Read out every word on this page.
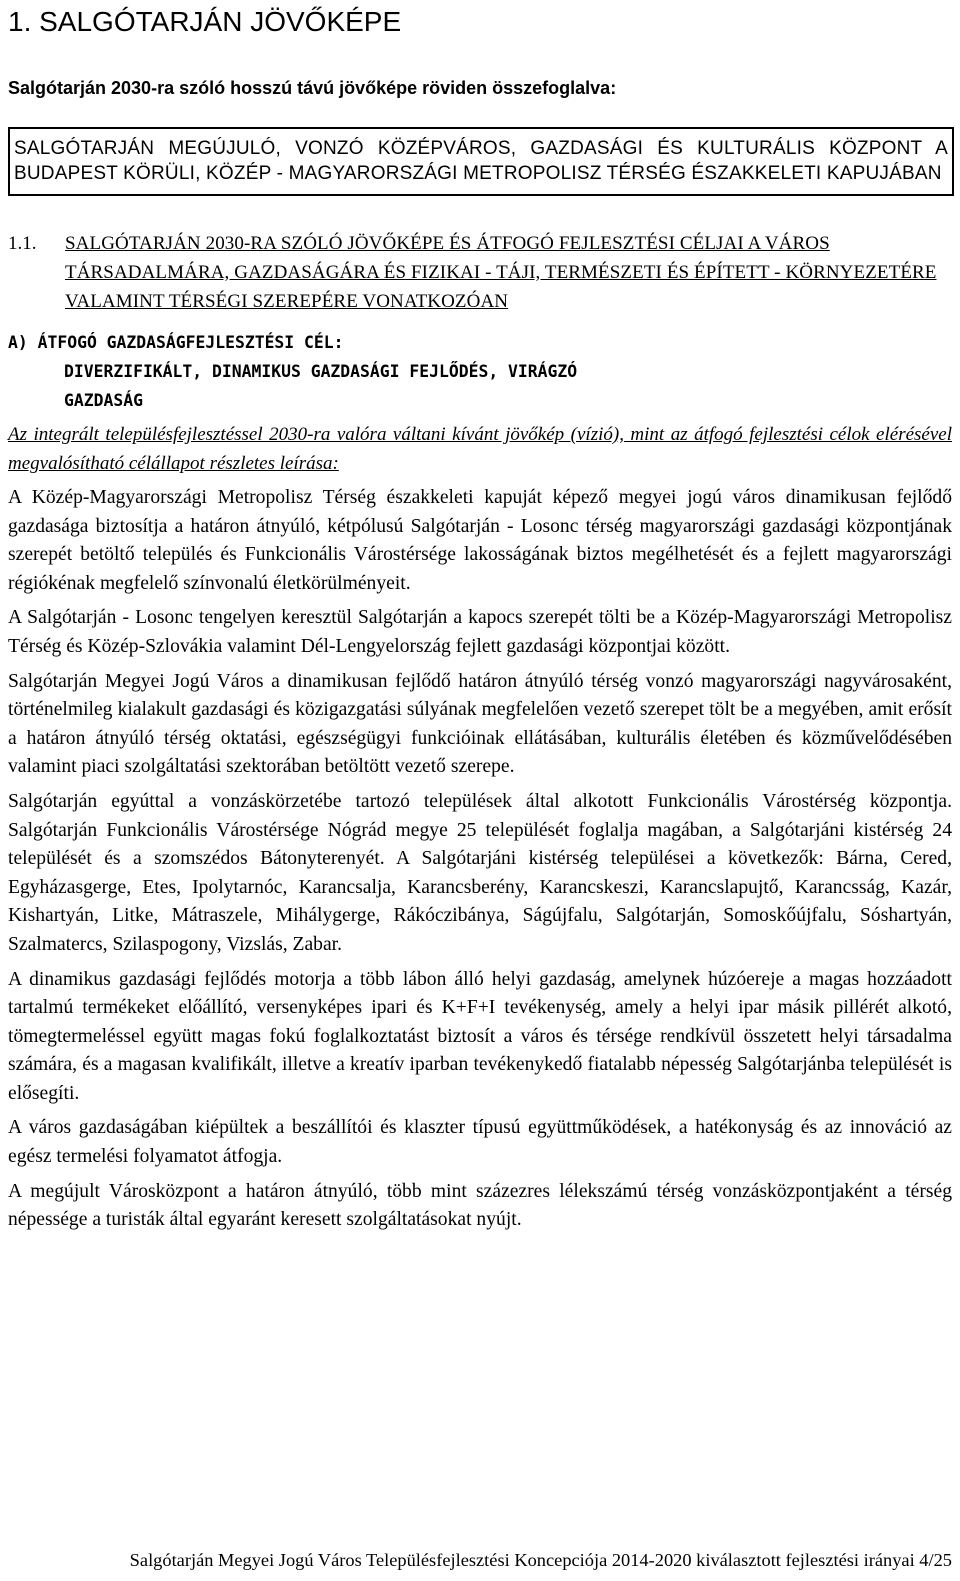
1. SALGÓTARJÁN JÖVŐKÉPE
Salgótarján 2030-ra szóló hosszú távú jövőképe röviden összefoglalva:
SALGÓTARJÁN MEGÚJULÓ, VONZÓ KÖZÉPVÁROS, GAZDASÁGI ÉS KULTURÁLIS KÖZPONT A BUDAPEST KÖRÜLI, KÖZÉP - MAGYARORSZÁGI METROPOLISZ TÉRSÉG ÉSZAKKELETI KAPUJÁBAN
1.1. SALGÓTARJÁN 2030-RA SZÓLÓ JÖVŐKÉPE ÉS ÁTFOGÓ FEJLESZTÉSI CÉLJAI A VÁROS TÁRSADALMÁRA, GAZDASÁGÁRA ÉS FIZIKAI - TÁJI, TERMÉSZETI ÉS ÉPÍTETT - KÖRNYEZETÉRE VALAMINT TÉRSÉGI SZEREPÉRE VONATKOZÓAN
A) ÁTFOGÓ GAZDASÁGFEJLESZTÉSI CÉL:
DIVERZIFIKÁLT, DINAMIKUS GAZDASÁGI FEJLŐDÉS, VIRÁGZÓ
GAZDASÁG
Az integrált településfejlesztéssel 2030-ra valóra váltani kívánt jövőkép (vízió), mint az átfogó fejlesztési célok elérésével megvalósítható célállapot részletes leírása:

A Közép-Magyarországi Metropolisz Térség északkeleti kapuját képező megyei jogú város dinamikusan fejlődő gazdasága biztosítja a határon átnyúló, kétpólusú Salgótarján - Losonc térség magyarországi gazdasági központjának szerepét betöltő település és Funkcionális Várostérsége lakosságának biztos megélhetését és a fejlett magyarországi régiókénak megfelelő színvonalú életkörülményeit.

A Salgótarján - Losonc tengelyen keresztül Salgótarján a kapocs szerepét tölti be a Közép-Magyarországi Metropolisz Térség és Közép-Szlovákia valamint Dél-Lengyelország fejlett gazdasági központjai között.

Salgótarján Megyei Jogú Város a dinamikusan fejlődő határon átnyúló térség vonzó magyarországi nagyvárosaként, történelmileg kialakult gazdasági és közigazgatási súlyának megfelelően vezető szerepet tölt be a megyében, amit erősít a határon átnyúló térség oktatási, egészségügyi funkcióinak ellátásában, kulturális életében és közművelődésében valamint piaci szolgáltatási szektorában betöltött vezető szerepe.

Salgótarján egyúttal a vonzáskörzetébe tartozó települések által alkotott Funkcionális Várostérség központja. Salgótarján Funkcionális Várostérsége Nógrád megye 25 települését foglalja magában, a Salgótarjáni kistérség 24 települését és a szomszédos Bátonyterenyét. A Salgótarjáni kistérség települései a következők: Bárna, Cered, Egyházasgerge, Etes, Ipolytarnóc, Karancsalja, Karancsberény, Karancskeszi, Karancslapujtő, Karancsság, Kazár, Kishartyán, Litke, Mátraszele, Mihálygerge, Rákóczibánya, Ságújfalu, Salgótarján, Somoskőújfalu, Sóshartyán, Szalmatercs, Szilaspogony, Vizslás, Zabar.

A dinamikus gazdasági fejlődés motorja a több lábon álló helyi gazdaság, amelynek húzóereje a magas hozzáadott tartalmú termékeket előállító, versenyképes ipari és K+F+I tevékenység, amely a helyi ipar másik pillérét alkotó, tömegtermeléssel együtt magas fokú foglalkoztatást biztosít a város és térsége rendkívül összetett helyi társadalma számára, és a magasan kvalifikált, illetve a kreatív iparban tevékenykedő fiatalabb népesség Salgótarjánba települését is elősegíti.

A város gazdaságában kiépültek a beszállítói és klaszter típusú együttműködések, a hatékonyság és az innováció az egész termelési folyamatot átfogja.

A megújult Városközpont a határon átnyúló, több mint százezres lélekszámú térség vonzásközpontjaként a térség népessége a turisták által egyaránt keresett szolgáltatásokat nyújt.

Salgótarján Megyei Jogú Város Településfejlesztési Koncepciója 2014-2020 kiválasztott fejlesztési irányai 4/25
